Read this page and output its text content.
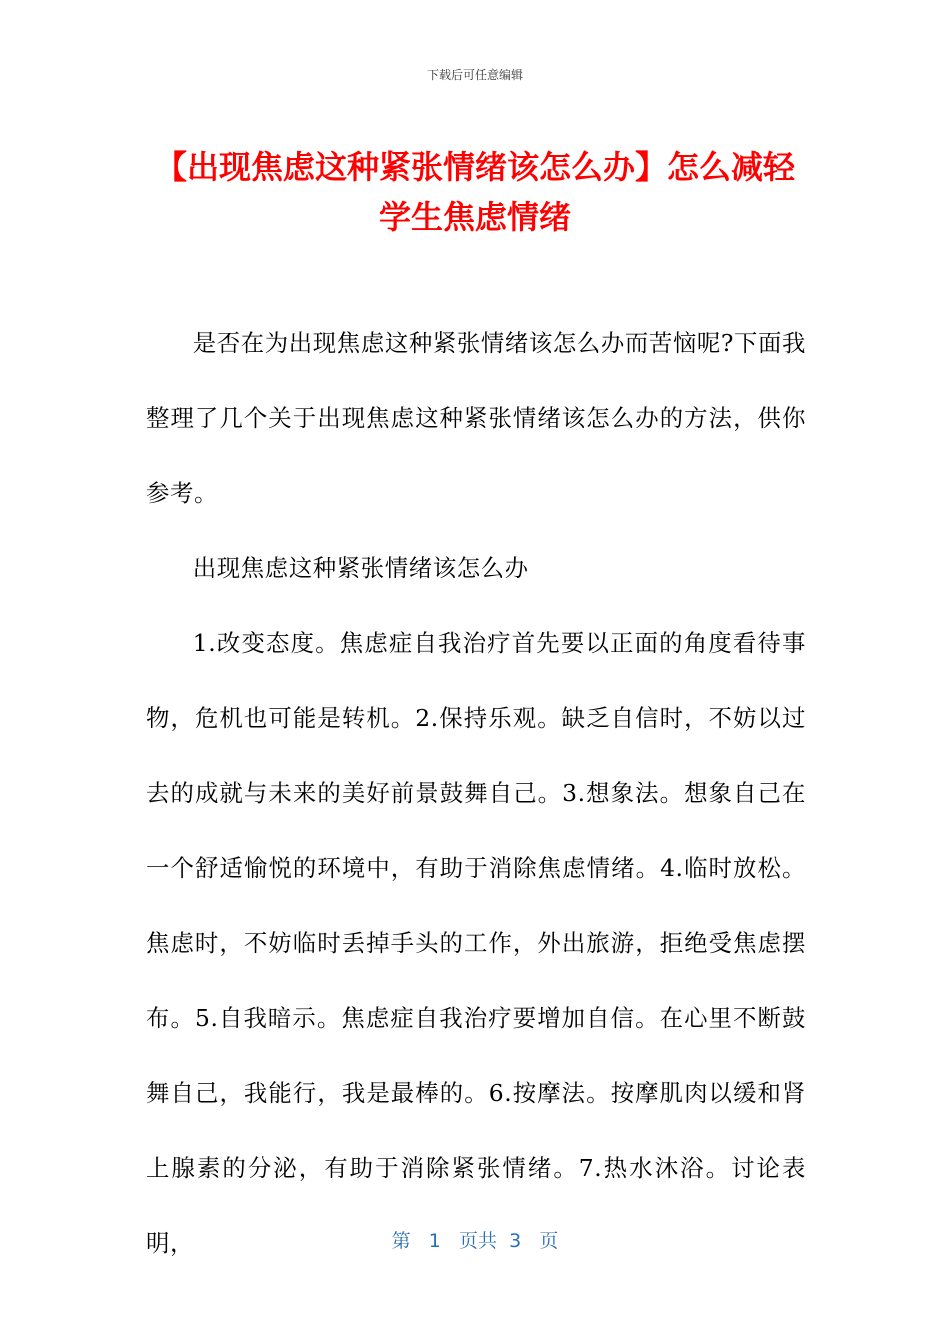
下载后可任意编辑
【出现焦虑这种紧张情绪该怎么办】怎么减轻学生焦虑情绪

是否在为出现焦虑这种紧张情绪该怎么办而苦恼呢?下面我整理了几个关于出现焦虑这种紧张情绪该怎么办的方法，供你参考。

出现焦虑这种紧张情绪该怎么办

1.改变态度。焦虑症自我治疗首先要以正面的角度看待事物，危机也可能是转机。2.保持乐观。缺乏自信时，不妨以过去的成就与未来的美好前景鼓舞自己。3.想象法。想象自己在一个舒适愉悦的环境中，有助于消除焦虑情绪。4.临时放松。焦虑时，不妨临时丢掉手头的工作，外出旅游，拒绝受焦虑摆布。5.自我暗示。焦虑症自我治疗要增加自信。在心里不断鼓舞自己，我能行，我是最棒的。6.按摩法。按摩肌肉以缓和肾上腺素的分泌，有助于消除紧张情绪。7.热水沐浴。讨论表明，	第 1 页共 3 页
